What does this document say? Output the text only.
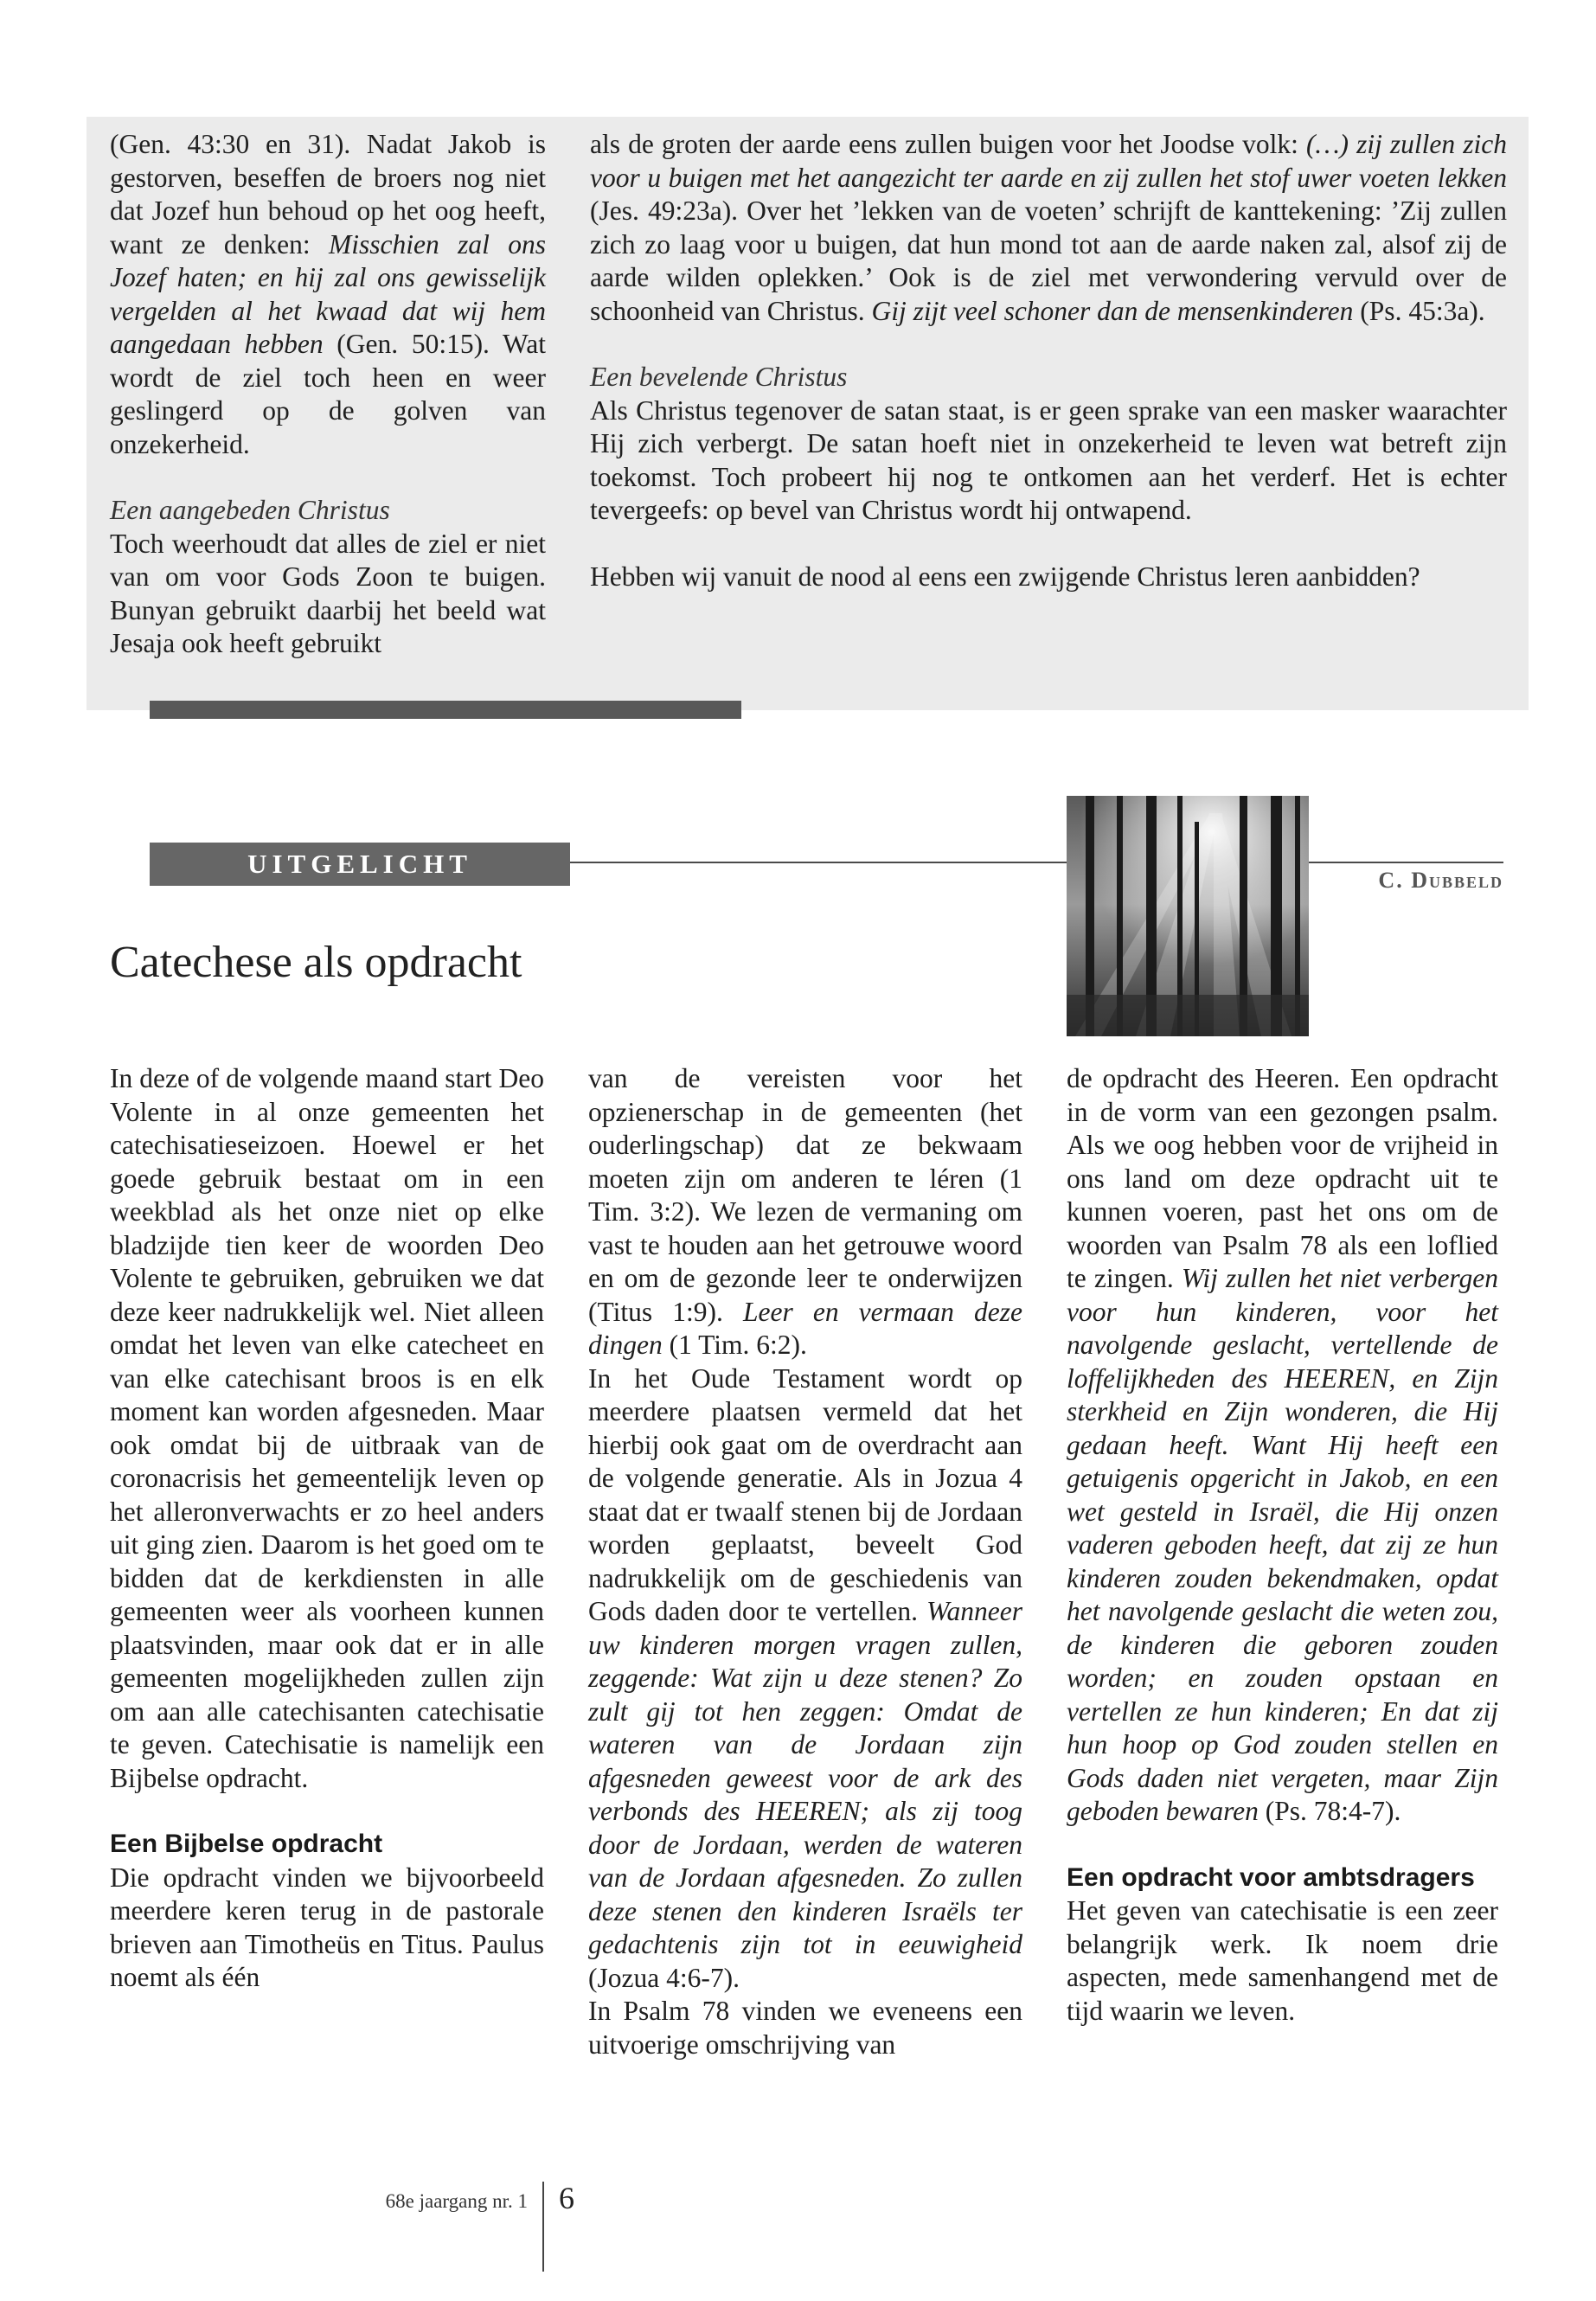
(Gen. 43:30 en 31). Nadat Jakob is gestorven, beseffen de broers nog niet dat Jozef hun behoud op het oog heeft, want ze denken: Misschien zal ons Jozef haten; en hij zal ons gewisselijk vergelden al het kwaad dat wij hem aangedaan hebben (Gen. 50:15). Wat wordt de ziel toch heen en weer geslingerd op de golven van onzekerheid.

Een aangebeden Christus

Toch weerhoudt dat alles de ziel er niet van om voor Gods Zoon te buigen. Bunyan gebruikt daarbij het beeld wat Jesaja ook heeft gebruikt

als de groten der aarde eens zullen buigen voor het Joodse volk: (…) zij zullen zich voor u buigen met het aangezicht ter aarde en zij zullen het stof uwer voeten lekken (Jes. 49:23a). Over het ’lekken van de voeten’ schrijft de kanttekening: ’Zij zullen zich zo laag voor u buigen, dat hun mond tot aan de aarde naken zal, alsof zij de aarde wilden oplekken.’ Ook is de ziel met verwondering vervuld over de schoonheid van Christus. Gij zijt veel schoner dan de mensenkinderen (Ps. 45:3a).

Een bevelende Christus

Als Christus tegenover de satan staat, is er geen sprake van een masker waarachter Hij zich verbergt. De satan hoeft niet in onzekerheid te leven wat betreft zijn toekomst. Toch probeert hij nog te ontkomen aan het verderf. Het is echter tevergeefs: op bevel van Christus wordt hij ontwapend.

Hebben wij vanuit de nood al eens een zwijgende Christus leren aanbidden?

UITGELICHT
C. Dubbeld
Catechese als opdracht

In deze of de volgende maand start Deo Volente in al onze gemeenten het catechisatieseizoen. Hoewel er het goede gebruik bestaat om in een weekblad als het onze niet op elke bladzijde tien keer de woorden Deo Volente te gebruiken, gebruiken we dat deze keer nadrukkelijk wel. Niet alleen omdat het leven van elke catecheet en van elke catechisant broos is en elk moment kan worden afgesneden. Maar ook omdat bij de uitbraak van de coronacrisis het gemeentelijk leven op het alleronverwachts er zo heel anders uit ging zien. Daarom is het goed om te bidden dat de kerkdiensten in alle gemeenten weer als voorheen kunnen plaatsvinden, maar ook dat er in alle gemeenten mogelijkheden zullen zijn om aan alle catechisanten catechisatie te geven. Catechisatie is namelijk een Bijbelse opdracht.

Een Bijbelse opdracht

Die opdracht vinden we bijvoorbeeld meerdere keren terug in de pastorale brieven aan Timotheüs en Titus. Paulus noemt als één

van de vereisten voor het opzienerschap in de gemeenten (het ouderlingschap) dat ze bekwaam moeten zijn om anderen te léren (1 Tim. 3:2). We lezen de vermaning om vast te houden aan het getrouwe woord en om de gezonde leer te onderwijzen (Titus 1:9). Leer en vermaan deze dingen (1 Tim. 6:2).

In het Oude Testament wordt op meerdere plaatsen vermeld dat het hierbij ook gaat om de overdracht aan de volgende generatie. Als in Jozua 4 staat dat er twaalf stenen bij de Jordaan worden geplaatst, beveelt God nadrukkelijk om de geschiedenis van Gods daden door te vertellen. Wanneer uw kinderen morgen vragen zullen, zeggende: Wat zijn u deze stenen? Zo zult gij tot hen zeggen: Omdat de wateren van de Jordaan zijn afgesneden geweest voor de ark des verbonds des HEEREN; als zij toog door de Jordaan, werden de wateren van de Jordaan afgesneden. Zo zullen deze stenen den kinderen Israëls ter gedachtenis zijn tot in eeuwigheid (Jozua 4:6-7).

In Psalm 78 vinden we eveneens een uitvoerige omschrijving van

de opdracht des Heeren. Een opdracht in de vorm van een gezongen psalm. Als we oog hebben voor de vrijheid in ons land om deze opdracht uit te kunnen voeren, past het ons om de woorden van Psalm 78 als een loflied te zingen. Wij zullen het niet verbergen voor hun kinderen, voor het navolgende geslacht, vertellende de loffelijkheden des HEEREN, en Zijn sterkheid en Zijn wonderen, die Hij gedaan heeft. Want Hij heeft een getuigenis opgericht in Jakob, en een wet gesteld in Israël, die Hij onzen vaderen geboden heeft, dat zij ze hun kinderen zouden bekendmaken, opdat het navolgende geslacht die weten zou, de kinderen die geboren zouden worden; en zouden opstaan en vertellen ze hun kinderen; En dat zij hun hoop op God zouden stellen en Gods daden niet vergeten, maar Zijn geboden bewaren (Ps. 78:4-7).

Een opdracht voor ambtsdragers

Het geven van catechisatie is een zeer belangrijk werk. Ik noem drie aspecten, mede samenhangend met de tijd waarin we leven.

68e jaargang nr. 1 6
